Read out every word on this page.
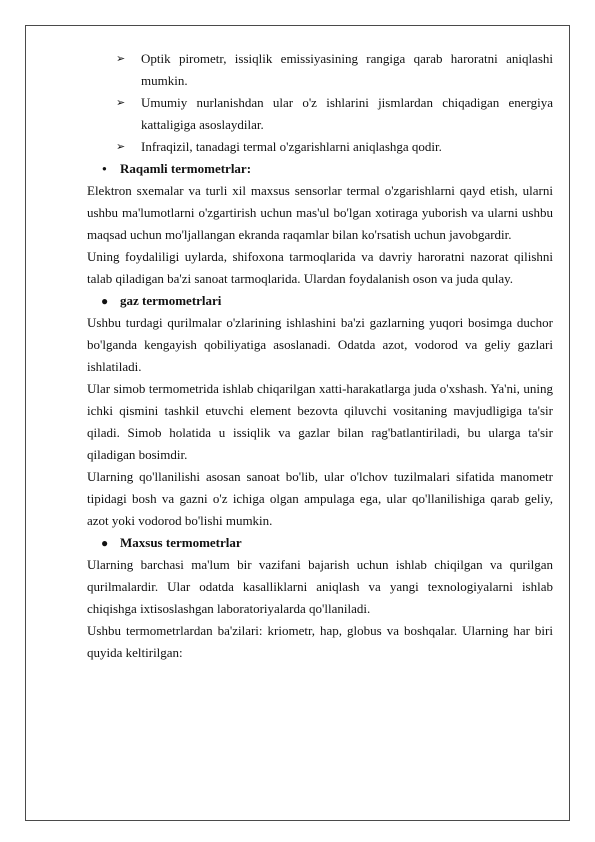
➢ Optik pirometr, issiqlik emissiyasining rangiga qarab haroratni aniqlashi mumkin.
➢ Umumiy nurlanishdan ular o'z ishlarini jismlardan chiqadigan energiya kattaligiga asoslaydilar.
➢ Infraqizil, tanadagi termal o'zgarishlarni aniqlashga qodir.
● Raqamli termometrlar:

Elektron sxemalar va turli xil maxsus sensorlar termal o'zgarishlarni qayd etish, ularni ushbu ma'lumotlarni o'zgartirish uchun mas'ul bo'lgan xotiraga yuborish va ularni ushbu maqsad uchun mo'ljallangan ekranda raqamlar bilan ko'rsatish uchun javobgardir.

Uning foydaliligi uylarda, shifoxona tarmoqlarida va davriy haroratni nazorat qilishni talab qiladigan ba'zi sanoat tarmoqlarida. Ulardan foydalanish oson va juda qulay.

● gaz termometrlari

Ushbu turdagi qurilmalar o'zlarining ishlashini ba'zi gazlarning yuqori bosimga duchor bo'lganda kengayish qobiliyatiga asoslanadi. Odatda azot, vodorod va geliy gazlari ishlatiladi.

Ular simob termometrida ishlab chiqarilgan xatti-harakatlarga juda o'xshash. Ya'ni, uning ichki qismini tashkil etuvchi element bezovta qiluvchi vositaning mavjudligiga ta'sir qiladi. Simob holatida u issiqlik va gazlar bilan rag'batlantiriladi, bu ularga ta'sir qiladigan bosimdir.

Ularning qo'llanilishi asosan sanoat bo'lib, ular o'lchov tuzilmalari sifatida manometr tipidagi bosh va gazni o'z ichiga olgan ampulaga ega, ular qo'llanilishiga qarab geliy, azot yoki vodorod bo'lishi mumkin.

● Maxsus termometrlar

Ularning barchasi ma'lum bir vazifani bajarish uchun ishlab chiqilgan va qurilgan qurilmalardir. Ular odatda kasalliklarni aniqlash va yangi texnologiyalarni ishlab chiqishga ixtisoslashgan laboratoriyalarda qo'llaniladi.

Ushbu termometrlardan ba'zilari: kriometr, hap, globus va boshqalar. Ularning har biri quyida keltirilgan:
